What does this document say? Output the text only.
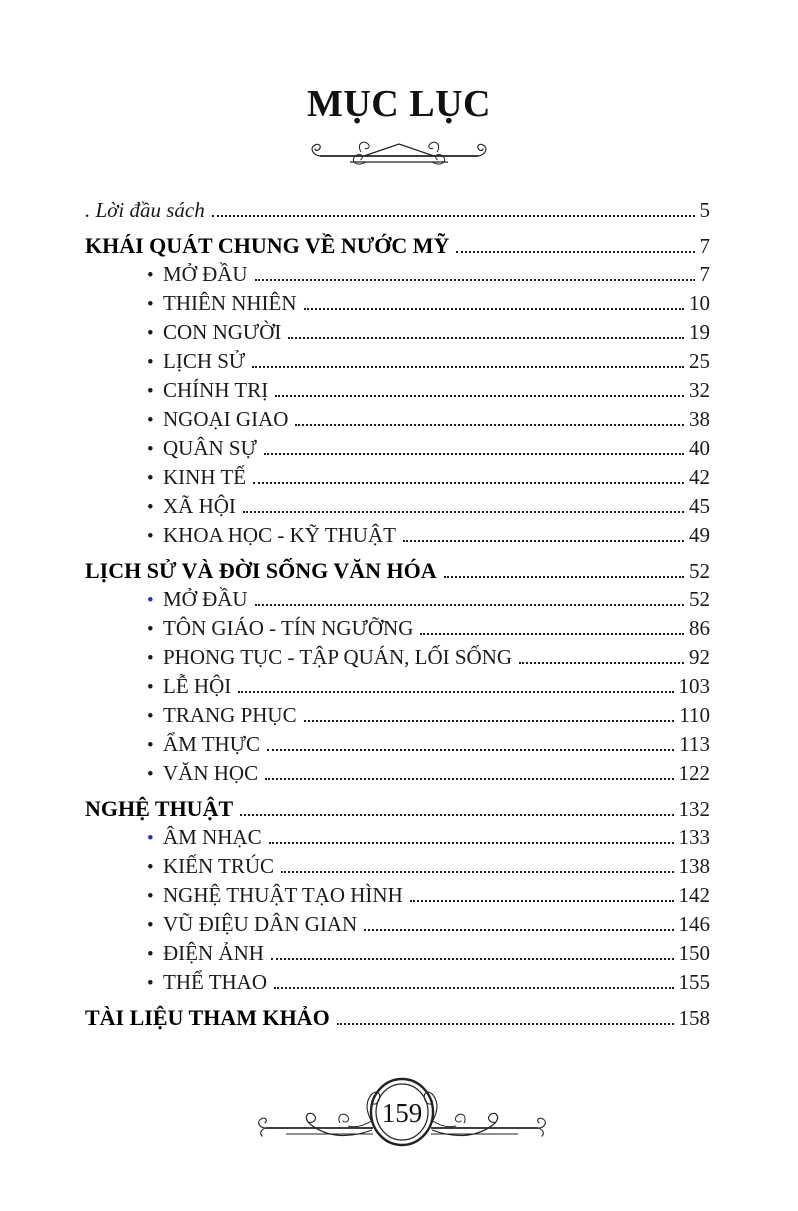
MỤC LỤC
. Lời đầu sách	5
KHÁI QUÁT CHUNG VỀ NƯỚC MỸ	7
• MỞ ĐẦU	7
• THIÊN NHIÊN	10
• CON NGƯỜI	19
• LỊCH SỬ	25
• CHÍNH TRỊ	32
• NGOẠI GIAO	38
• QUÂN SỰ	40
• KINH TẾ	42
• XÃ HỘI	45
• KHOA HỌC - KỸ THUẬT	49
LỊCH SỬ VÀ ĐỜI SỐNG VĂN HÓA	52
• MỞ ĐẦU	52
• TÔN GIÁO - TÍN NGƯỠNG	86
• PHONG TỤC - TẬP QUÁN, LỐI SỐNG	92
• LỄ HỘI	103
• TRANG PHỤC	110
• ẨM THỰC	113
• VĂN HỌC	122
NGHỆ THUẬT	132
• ÂM NHẠC	133
• KIẾN TRÚC	138
• NGHỆ THUẬT TẠO HÌNH	142
• VŨ ĐIỆU DÂN GIAN	146
• ĐIỆN ẢNH	150
• THỂ THAO	155
TÀI LIỆU THAM KHẢO	158
159
